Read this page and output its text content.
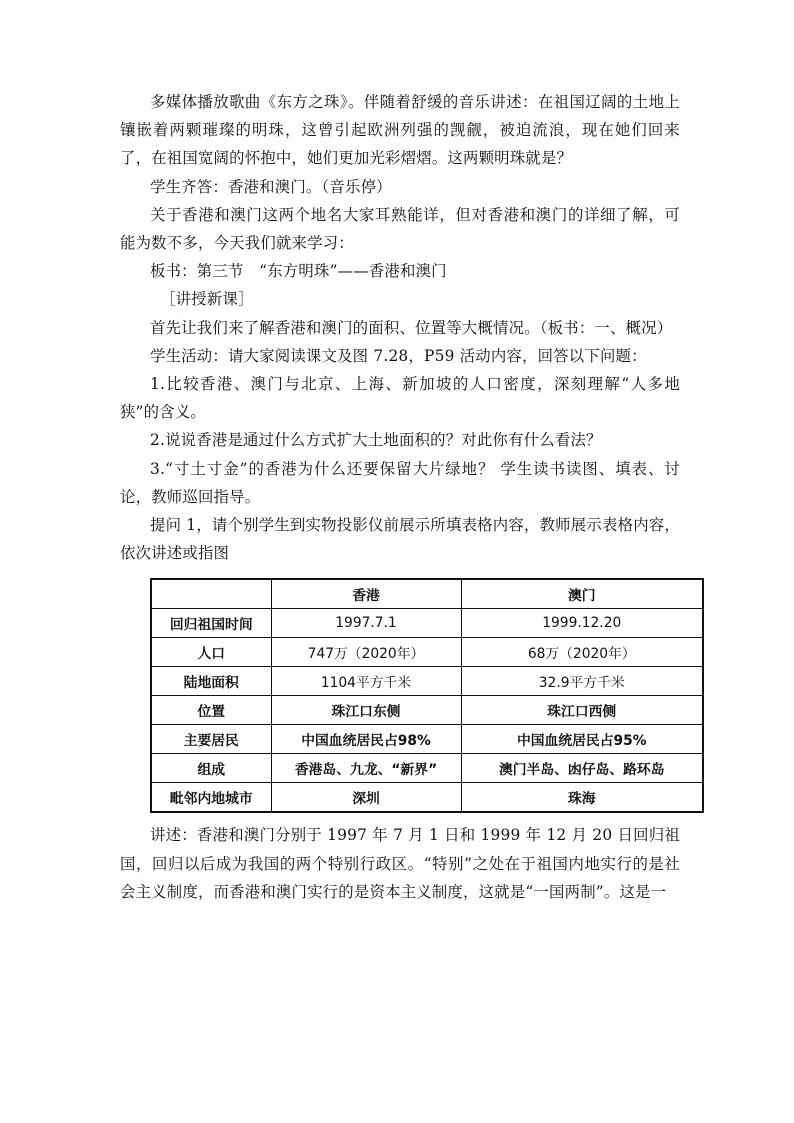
多媒体播放歌曲《东方之珠》。伴随着舒缓的音乐讲述：在祖国辽阔的土地上镶嵌着两颗璀璨的明珠，这曾引起欧洲列强的觊觎，被迫流浪，现在她们回来了，在祖国宽阔的怀抱中，她们更加光彩熠熠。这两颗明珠就是？

学生齐答：香港和澳门。（音乐停）

关于香港和澳门这两个地名大家耳熟能详，但对香港和澳门的详细了解，可能为数不多，今天我们就来学习：

板书：第三节　“东方明珠”——香港和澳门

［讲授新课］

首先让我们来了解香港和澳门的面积、位置等大概情况。（板书：一、概况）

学生活动：请大家阅读课文及图 7.28，P59 活动内容，回答以下问题：

1.比较香港、澳门与北京、上海、新加坡的人口密度，深刻理解“人多地狭”的含义。

2.说说香港是通过什么方式扩大土地面积的？对此你有什么看法？

3.“寸土寸金”的香港为什么还要保留大片绿地？ 学生读书读图、填表、讨论，教师巡回指导。

提问 1，请个别学生到实物投影仪前展示所填表格内容，教师展示表格内容，依次讲述或指图

	香港	澳门
回归祖国时间	1997.7.1	1999.12.20
人口	747万（2020年）	68万（2020年）
陆地面积	1104平方千米	32.9平方千米
位置	珠江口东侧	珠江口西侧
主要居民	中国血统居民占98%	中国血统居民占95%
组成	香港岛、九龙、“新界”	澳门半岛、凼仔岛、路环岛
毗邻内地城市	深圳	珠海

讲述：香港和澳门分别于 1997 年 7 月 1 日和 1999 年 12 月 20 日回归祖国，回归以后成为我国的两个特别行政区。“特别”之处在于祖国内地实行的是社会主义制度，而香港和澳门实行的是资本主义制度，这就是“一国两制”。这是一
